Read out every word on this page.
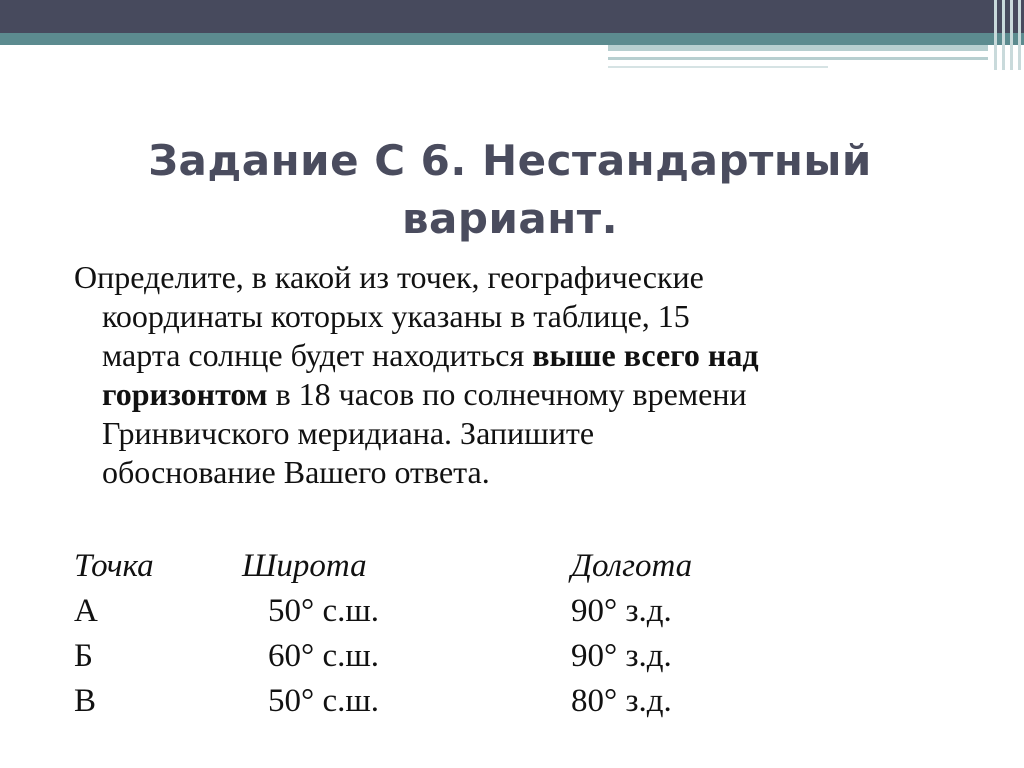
Задание С 6. Нестандартный
вариант.
Определите, в какой из точек, географические
координаты которых указаны в таблице, 15
марта солнце будет находиться выше всего над
горизонтом в 18 часов по солнечному времени
Гринвичского меридиана. Запишите
обоснование Вашего ответа.
Точка	Широта	Долгота
А	50° с.ш.	90° з.д.
Б	60° с.ш.	90° з.д.
В	50° с.ш.	80° з.д.
